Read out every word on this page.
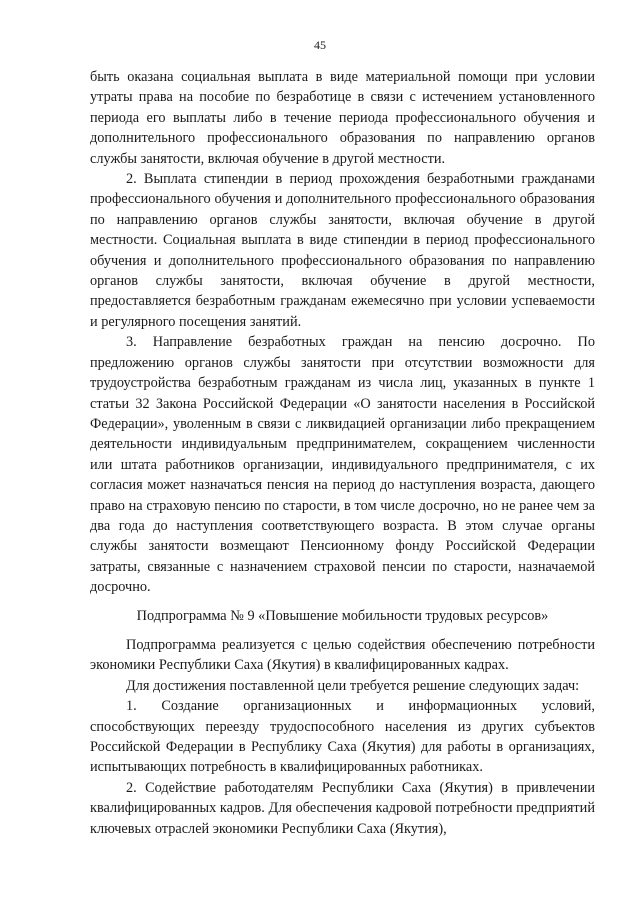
45

быть оказана социальная выплата в виде материальной помощи при условии утраты права на пособие по безработице в связи с истечением установленного периода его выплаты либо в течение периода профессионального обучения и дополнительного профессионального образования по направлению органов службы занятости, включая обучение в другой местности.

2. Выплата стипендии в период прохождения безработными гражданами профессионального обучения и дополнительного профессионального образования по направлению органов службы занятости, включая обучение в другой местности. Социальная выплата в виде стипендии в период профессионального обучения и дополнительного профессионального образования по направлению органов службы занятости, включая обучение в другой местности, предоставляется безработным гражданам ежемесячно при условии успеваемости и регулярного посещения занятий.

3. Направление безработных граждан на пенсию досрочно. По предложению органов службы занятости при отсутствии возможности для трудоустройства безработным гражданам из числа лиц, указанных в пункте 1 статьи 32 Закона Российской Федерации «О занятости населения в Российской Федерации», уволенным в связи с ликвидацией организации либо прекращением деятельности индивидуальным предпринимателем, сокращением численности или штата работников организации, индивидуального предпринимателя, с их согласия может назначаться пенсия на период до наступления возраста, дающего право на страховую пенсию по старости, в том числе досрочно, но не ранее чем за два года до наступления соответствующего возраста. В этом случае органы службы занятости возмещают Пенсионному фонду Российской Федерации затраты, связанные с назначением страховой пенсии по старости, назначаемой досрочно.

Подпрограмма № 9 «Повышение мобильности трудовых ресурсов»

Подпрограмма реализуется с целью содействия обеспечению потребности экономики Республики Саха (Якутия) в квалифицированных кадрах.

Для достижения поставленной цели требуется решение следующих задач:

1. Создание организационных и информационных условий, способствующих переезду трудоспособного населения из других субъектов Российской Федерации в Республику Саха (Якутия) для работы в организациях, испытывающих потребность в квалифицированных работниках.

2. Содействие работодателям Республики Саха (Якутия) в привлечении квалифицированных кадров. Для обеспечения кадровой потребности предприятий ключевых отраслей экономики Республики Саха (Якутия),
